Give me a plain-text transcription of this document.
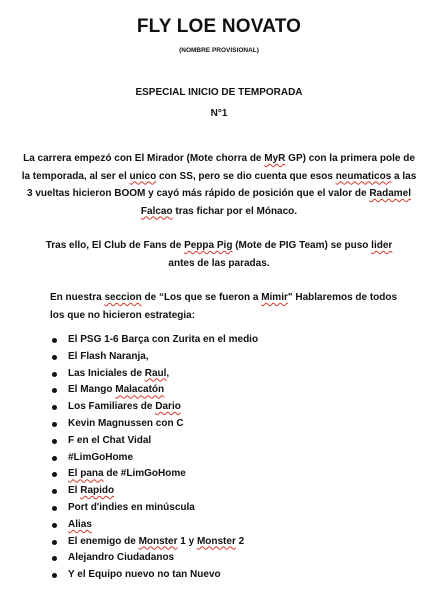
FLY LOE NOVATO
(NOMBRE PROVISIONAL)
ESPECIAL INICIO DE TEMPORADA
N°1

La carrera empezó con El Mirador (Mote chorra de MyR GP) con la primera pole de la temporada, al ser el unico con SS, pero se dio cuenta que esos neumaticos a las 3 vueltas hicieron BOOM y cayó más rápido de posición que el valor de Radamel Falcao tras fichar por el Mónaco.

Tras ello, El Club de Fans de Peppa Pig (Mote de PIG Team) se puso lider antes de las paradas.

En nuestra seccion de “Los que se fueron a Mimir" Hablaremos de todos los que no hicieron estrategia:

El PSG 1-6 Barça con Zurita en el medio
El Flash Naranja,
Las Iniciales de Raul,
El Mango Malacatón
Los Familiares de Dario
Kevin Magnussen con C
F en el Chat Vidal
#LimGoHome
El pana de #LimGoHome
El Rapido
Port d'indies en minúscula
Alias
El enemigo de Monster 1 y Monster 2
Alejandro Ciudadanos
Y el Equipo nuevo no tan Nuevo
